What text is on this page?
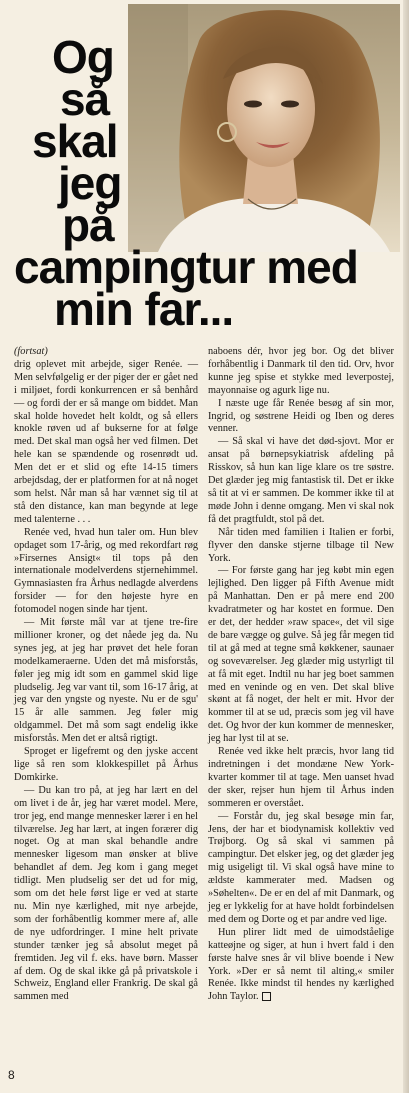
Og
så
skal
jeg
på
campingtur med
min far...

(fortsat)

drig oplevet mit arbejde, siger Renée. — Men selvfølgelig er der piger der er gået ned i miljøet, fordi konkurrencen er så benhård — og fordi der er så mange om biddet. Man skal holde hovedet helt koldt, og så ellers knokle røven ud af bukserne for at følge med. Det skal man også her ved filmen. Det hele kan se spændende og rosenrødt ud. Men det er et slid og efte 14-15 timers arbejdsdag, der er platformen for at nå noget som helst. Når man så har vænnet sig til at stå den distance, kan man begynde at lege med talenterne . . .

Renée ved, hvad hun taler om. Hun blev opdaget som 17-årig, og med rekordfart røg »Firsernes Ansigt« til tops på den internationale modelverdens stjernehimmel. Gymnasiasten fra Århus nedlagde alverdens forsider — for den højeste hyre en fotomodel nogen sinde har tjent.

— Mit første mål var at tjene tre-fire millioner kroner, og det nåede jeg da. Nu synes jeg, at jeg har prøvet det hele foran modelkameraerne. Uden det må misforstås, føler jeg mig idt som en gammel skid lige pludselig. Jeg var vant til, som 16-17 årig, at jeg var den yngste og nyeste. Nu er de sgu' 15 år alle sammen. Jeg føler mig oldgammel. Det må som sagt endelig ikke misforstås. Men det er altså rigtigt.

Sproget er ligefremt og den jyske accent lige så ren som klokkespillet på Århus Domkirke.

— Du kan tro på, at jeg har lært en del om livet i de år, jeg har været model. Mere, tror jeg, end mange mennesker lærer i en hel tilværelse. Jeg har lært, at ingen forærer dig noget. Og at man skal behandle andre mennesker ligesom man ønsker at blive behandlet af dem. Jeg kom i gang meget tidligt. Men pludselig ser det ud for mig, som om det hele først lige er ved at starte nu. Min nye kærlighed, mit nye arbejde, som der forhåbentlig kommer mere af, alle de nye udfordringer. I mine helt private stunder tænker jeg så absolut meget på fremtiden. Jeg vil f. eks. have børn. Masser af dem. Og de skal ikke gå på privatskole i Schweiz, England eller Frankrig. De skal gå sammen med

naboens dér, hvor jeg bor. Og det bliver forhåbentlig i Danmark til den tid. Orv, hvor kunne jeg spise et stykke med leverpostej, mayonnaise og agurk lige nu.

I næste uge får Renée besøg af sin mor, Ingrid, og søstrene Heidi og Iben og deres venner.

— Så skal vi have det død-sjovt. Mor er ansat på børnepsykiatrisk afdeling på Risskov, så hun kan lige klare os tre søstre. Det glæder jeg mig fantastisk til. Det er ikke så tit at vi er sammen. De kommer ikke til at møde John i denne omgang. Men vi skal nok få det pragtfuldt, stol på det.

Når tiden med familien i Italien er forbi, flyver den danske stjerne tilbage til New York.

— For første gang har jeg købt min egen lejlighed. Den ligger på Fifth Avenue midt på Manhattan. Den er på mere end 200 kvadratmeter og har kostet en formue. Den er det, der hedder »raw space«, det vil sige de bare vægge og gulve. Så jeg får megen tid til at gå med at tegne små køkkener, saunaer og soveværelser. Jeg glæder mig ustyrligt til at få mit eget. Indtil nu har jeg boet sammen med en veninde og en ven. Det skal blive skønt at få noget, der helt er mit. Hvor der kommer til at se ud, præcis som jeg vil have det. Og hvor der kun kommer de mennesker, jeg har lyst til at se.

Renée ved ikke helt præcis, hvor lang tid indretningen i det mondæne New York-kvarter kommer til at tage. Men uanset hvad der sker, rejser hun hjem til Århus inden sommeren er overstået.

— Forstår du, jeg skal besøge min far, Jens, der har et biodynamisk kollektiv ved Trøjborg. Og så skal vi sammen på campingtur. Det elsker jeg, og det glæder jeg mig usigeligt til. Vi skal også have mine to ældste kammerater med. Madsen og »Søhelten«. De er en del af mit Danmark, og jeg er lykkelig for at have holdt forbindelsen med dem og Dorte og et par andre ved lige.

Hun plirer lidt med de uimodståelige katteøjne og siger, at hun i hvert fald i den første halve snes år vil blive boende i New York. »Der er så nemt til alting,« smiler Renée. Ikke mindst til hendes ny kærlighed John Taylor.

8
